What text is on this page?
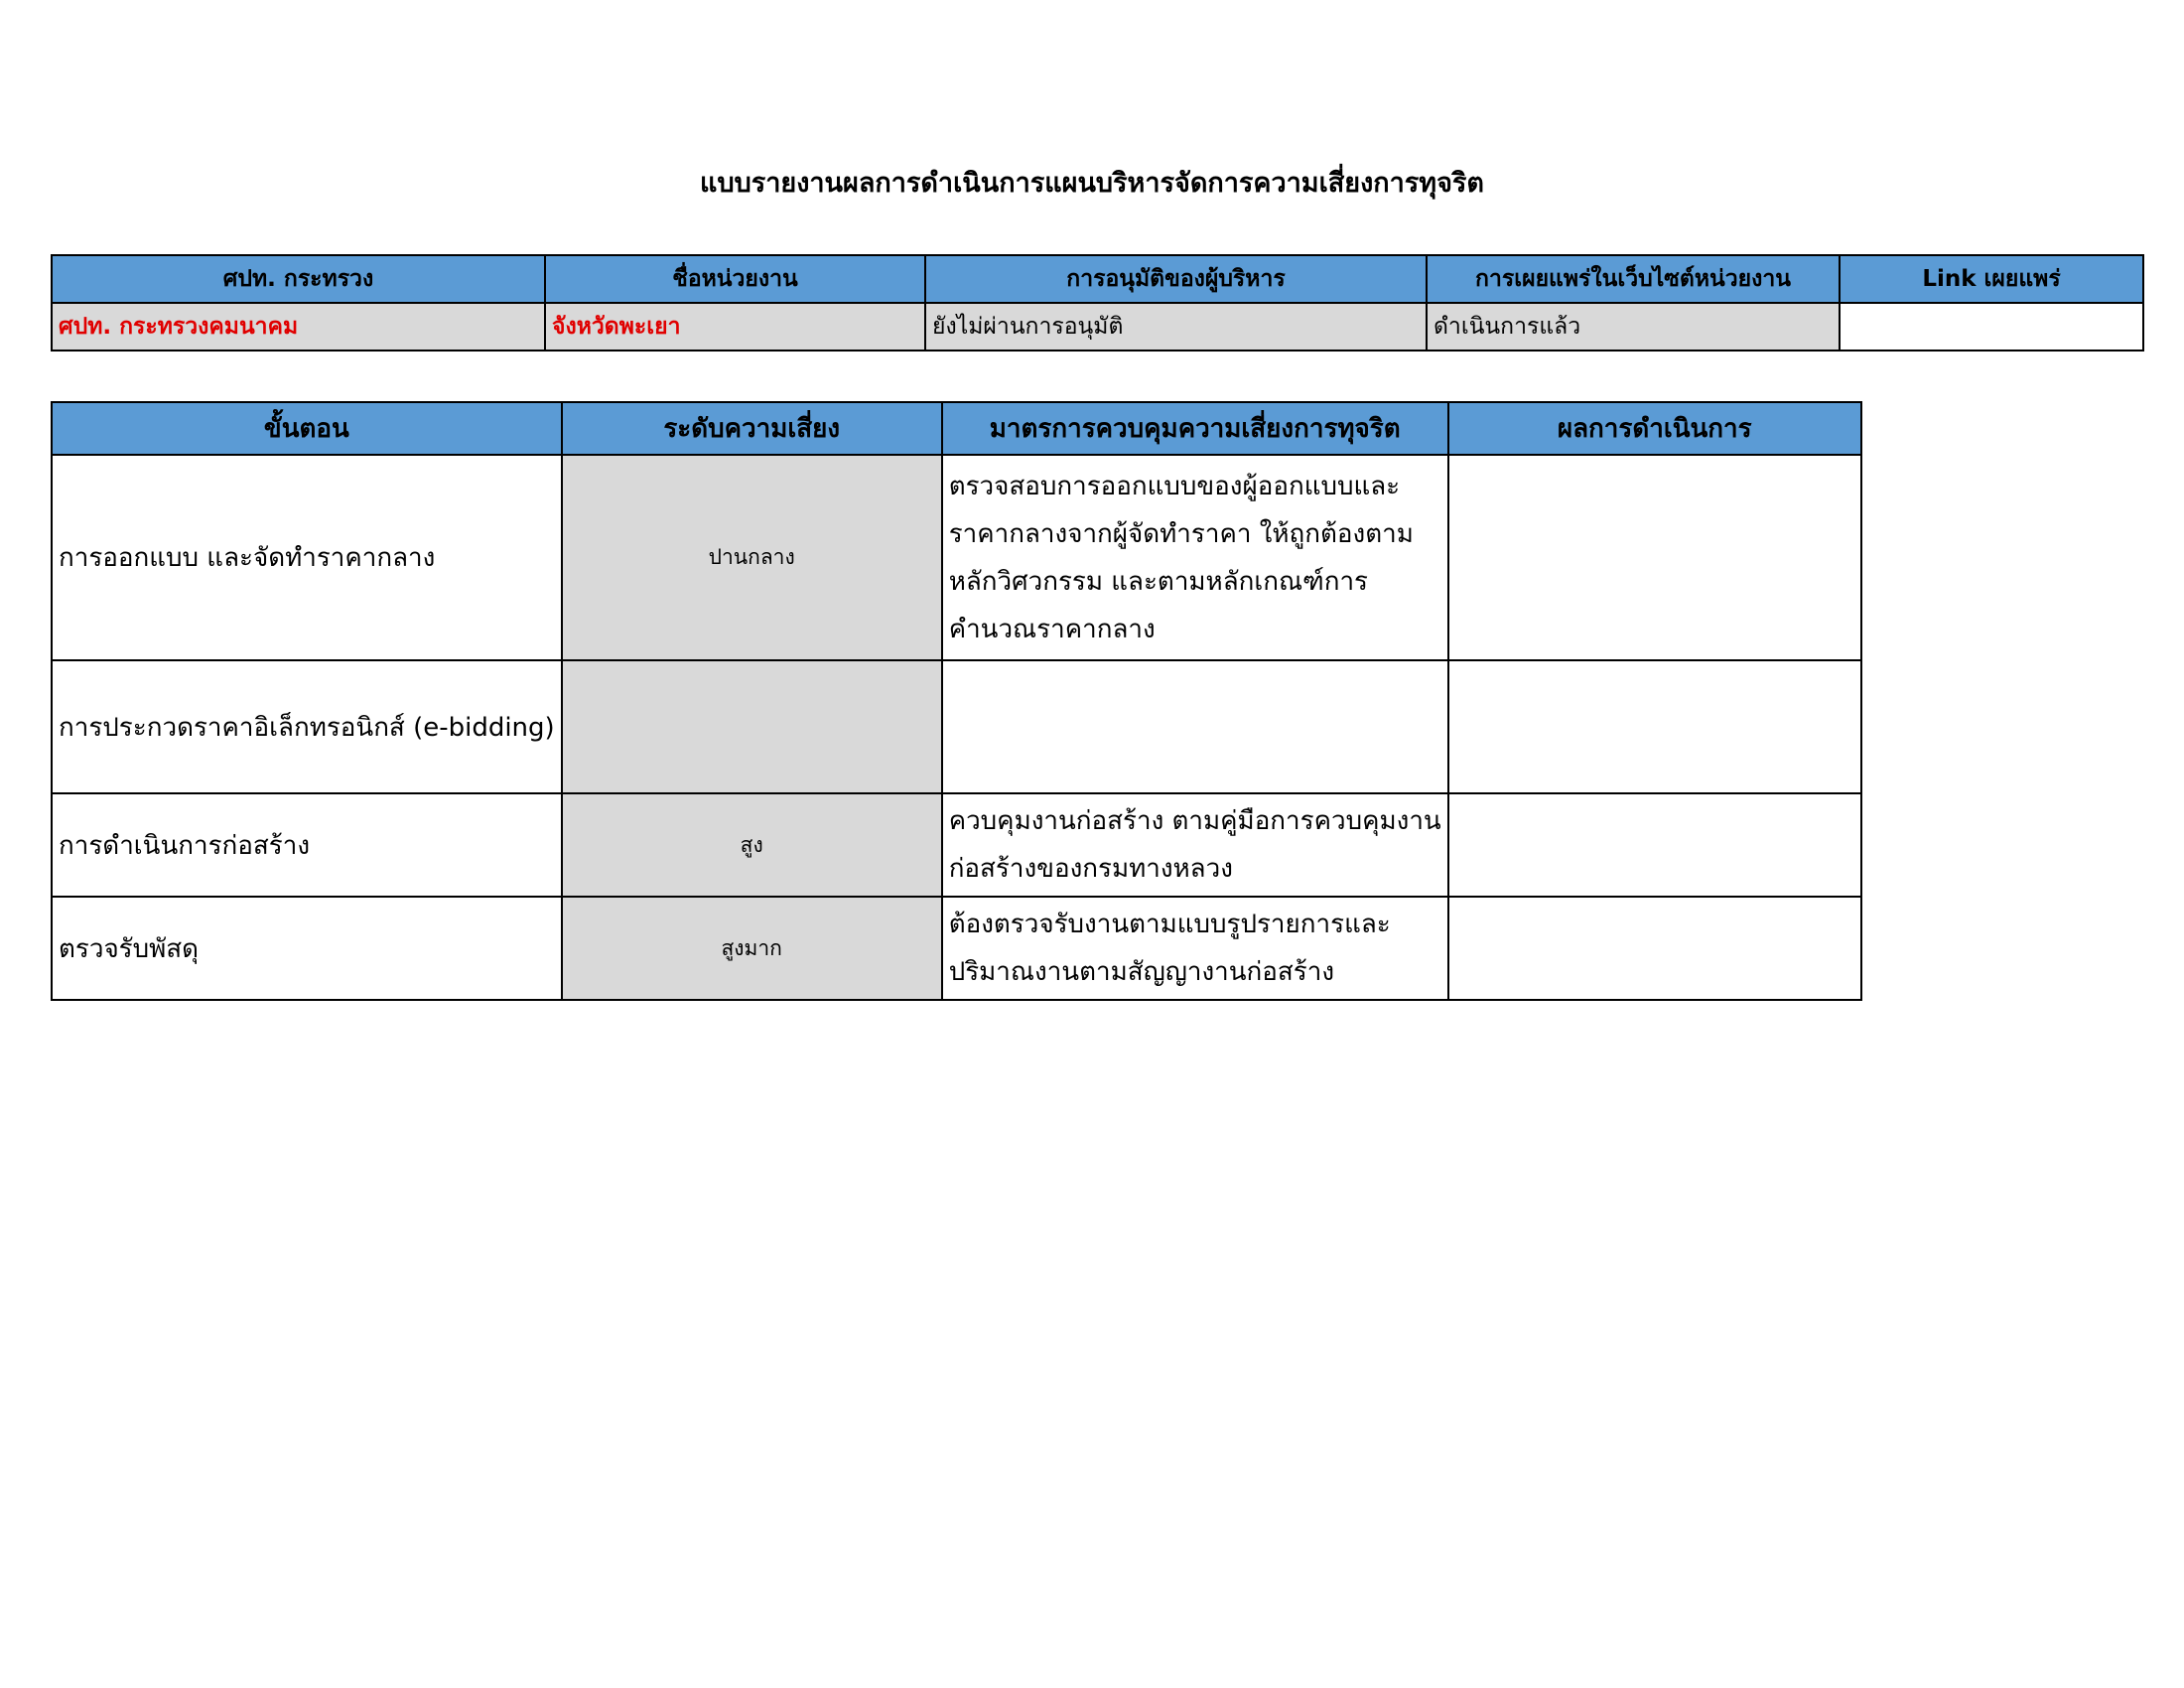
แบบรายงานผลการดำเนินการแผนบริหารจัดการความเสี่ยงการทุจริต
ศปท. กระทรวง	ชื่อหน่วยงาน	การอนุมัติของผู้บริหาร	การเผยแพร่ในเว็บไซต์หน่วยงาน	Link เผยแพร่
ศปท. กระทรวงคมนาคม	จังหวัดพะเยา	ยังไม่ผ่านการอนุมัติ	ดำเนินการแล้ว	
ขั้นตอน	ระดับความเสี่ยง	มาตรการควบคุมความเสี่ยงการทุจริต	ผลการดำเนินการ
การออกแบบ และจัดทำราคากลาง	ปานกลาง	ตรวจสอบการออกแบบของผู้ออกแบบและ
ราคากลางจากผู้จัดทำราคา ให้ถูกต้องตาม
หลักวิศวกรรม และตามหลักเกณฑ์การ
คำนวณราคากลาง	

การประกวดราคาอิเล็กทรอนิกส์ (e-bidding)			
การดำเนินการก่อสร้าง	สูง	ควบคุมงานก่อสร้าง ตามคู่มือการควบคุมงาน
ก่อสร้างของกรมทางหลวง	

ตรวจรับพัสดุ	สูงมาก	ต้องตรวจรับงานตามแบบรูปรายการและ
ปริมาณงานตามสัญญางานก่อสร้าง	
